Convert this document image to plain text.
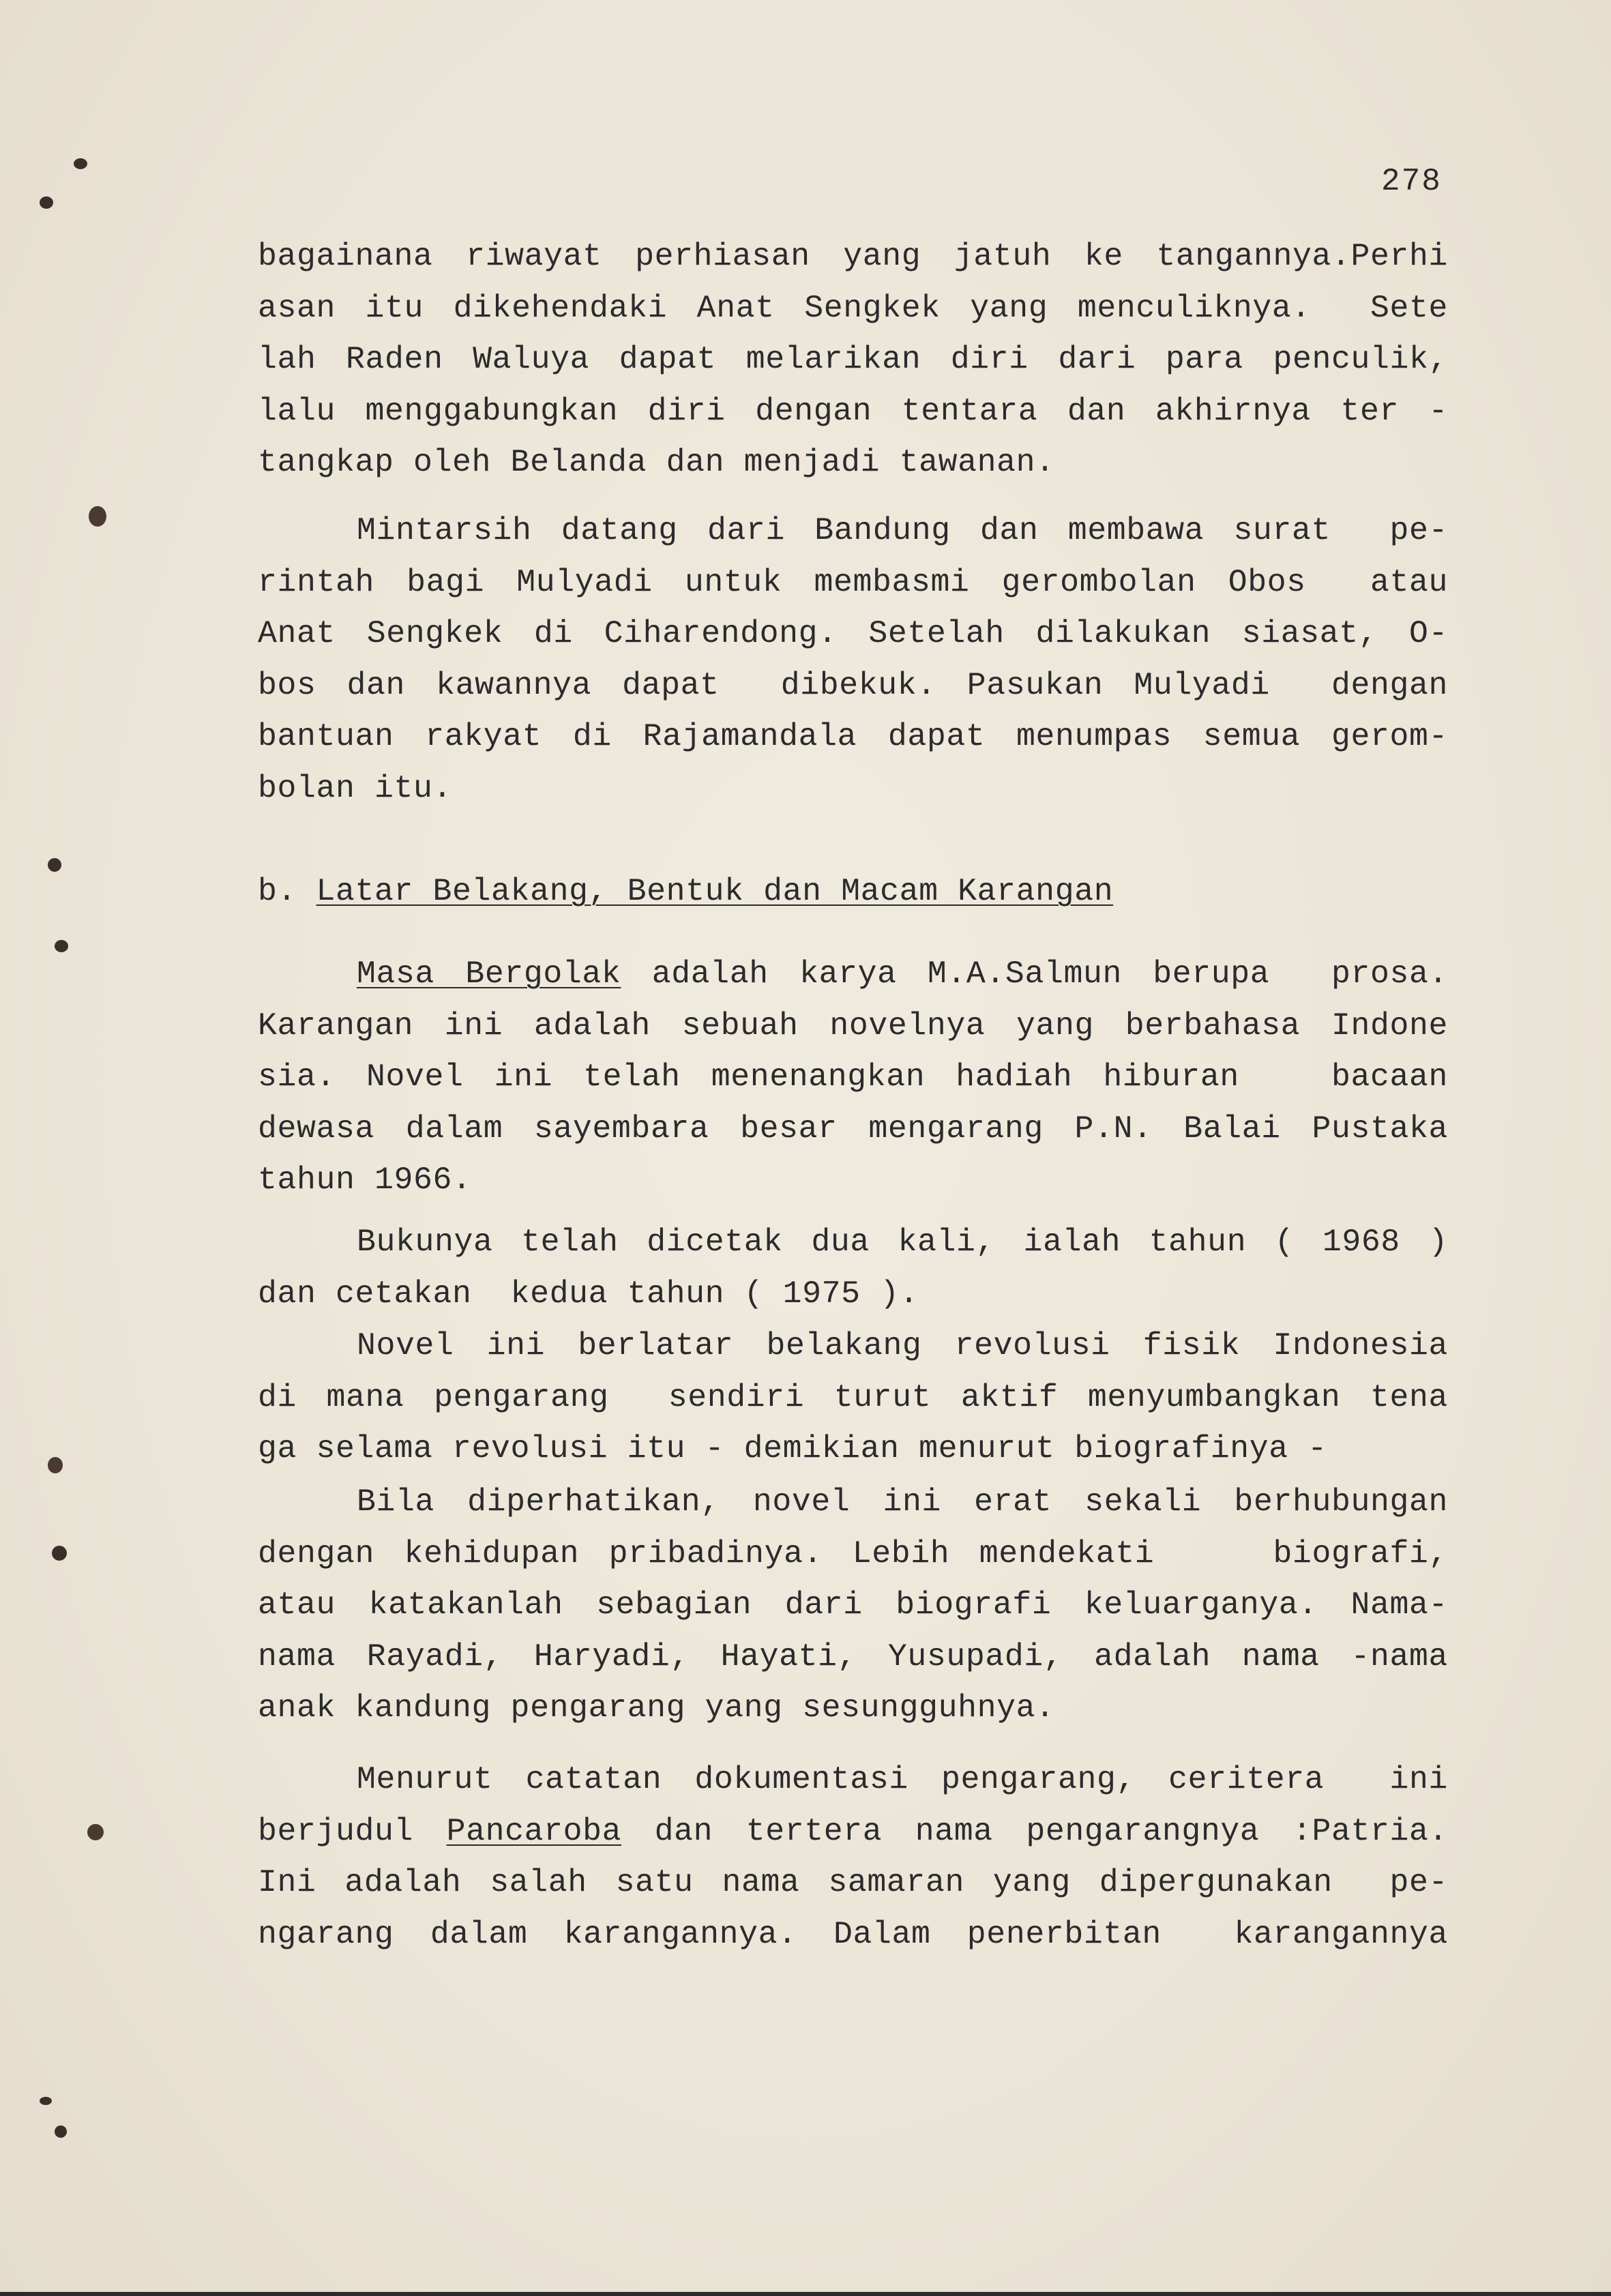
278
bagainana riwayat perhiasan yang jatuh ke tangannya.Perhi
asan itu dikehendaki Anat Sengkek yang menculiknya.  Sete
lah Raden Waluya dapat melarikan diri dari para penculik,
lalu menggabungkan diri dengan tentara dan akhirnya ter -
tangkap oleh Belanda dan menjadi tawanan.
Mintarsih datang dari Bandung dan membawa surat  pe-
rintah bagi Mulyadi untuk membasmi gerombolan Obos  atau
Anat Sengkek di Ciharendong. Setelah dilakukan siasat, O-
bos dan kawannya dapat  dibekuk. Pasukan Mulyadi  dengan
bantuan rakyat di Rajamandala dapat menumpas semua gerom-
bolan itu.
b. Latar Belakang, Bentuk dan Macam Karangan
Masa Bergolak adalah karya M.A.Salmun berupa  prosa.
Karangan ini adalah sebuah novelnya yang berbahasa Indone
sia. Novel ini telah menenangkan hadiah hiburan   bacaan
dewasa dalam sayembara besar mengarang P.N. Balai Pustaka
tahun 1966.
Bukunya telah dicetak dua kali, ialah tahun ( 1968 )
dan cetakan  kedua tahun ( 1975 ).
Novel ini berlatar belakang revolusi fisik Indonesia
di mana pengarang  sendiri turut aktif menyumbangkan tena
ga selama revolusi itu - demikian menurut biografinya -
Bila diperhatikan, novel ini erat sekali berhubungan
dengan kehidupan pribadinya. Lebih mendekati    biografi,
atau katakanlah sebagian dari biografi keluarganya. Nama-
nama Rayadi, Haryadi, Hayati, Yusupadi, adalah nama -nama
anak kandung pengarang yang sesungguhnya.
Menurut catatan dokumentasi pengarang, ceritera  ini
berjudul Pancaroba dan tertera nama pengarangnya :Patria.
Ini adalah salah satu nama samaran yang dipergunakan  pe-
ngarang dalam karangannya. Dalam penerbitan  karangannya
